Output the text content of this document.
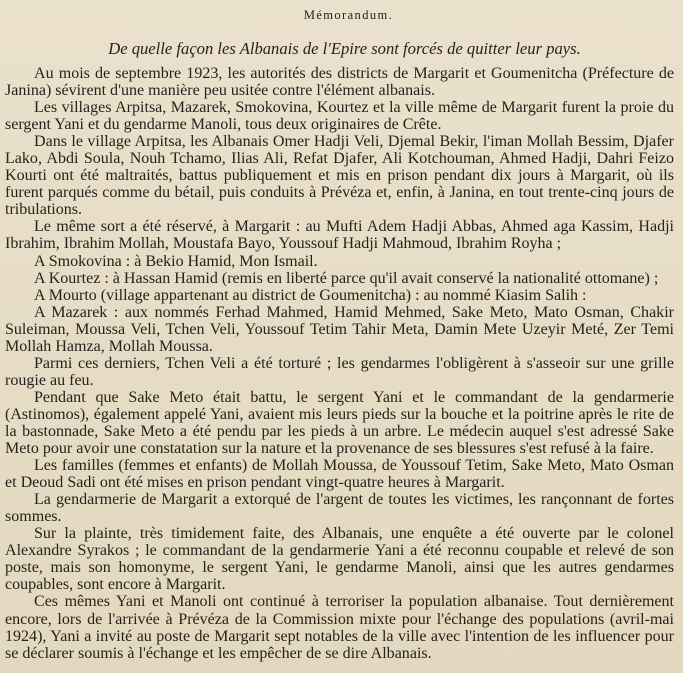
Mémorandum.
De quelle façon les Albanais de l'Epire sont forcés de quitter leur pays.

Au mois de septembre 1923, les autorités des districts de Margarit et Goumenitcha (Préfecture de Janina) sévirent d'une manière peu usitée contre l'élément albanais.

Les villages Arpitsa, Mazarek, Smokovina, Kourtez et la ville même de Margarit furent la proie du sergent Yani et du gendarme Manoli, tous deux originaires de Crête.

Dans le village Arpitsa, les Albanais Omer Hadji Veli, Djemal Bekir, l'iman Mollah Bessim, Djafer Lako, Abdi Soula, Nouh Tchamo, Ilias Ali, Refat Djafer, Ali Kotchouman, Ahmed Hadji, Dahri Feizo Kourti ont été maltraités, battus publiquement et mis en prison pendant dix jours à Margarit, où ils furent parqués comme du bétail, puis conduits à Prévéza et, enfin, à Janina, en tout trente-cinq jours de tribulations.

Le même sort a été réservé, à Margarit : au Mufti Adem Hadji Abbas, Ahmed aga Kassim, Hadji Ibrahim, Ibrahim Mollah, Moustafa Bayo, Youssouf Hadji Mahmoud, Ibrahim Royha ;

A Smokovina : à Bekio Hamid, Mon Ismail.

A Kourtez : à Hassan Hamid (remis en liberté parce qu'il avait conservé la nationalité ottomane) ;

A Mourto (village appartenant au district de Goumenitcha) : au nommé Kiasim Salih :

A Mazarek : aux nommés Ferhad Mahmed, Hamid Mehmed, Sake Meto, Mato Osman, Chakir Suleiman, Moussa Veli, Tchen Veli, Youssouf Tetim Tahir Meta, Damin Mete Uzeyir Meté, Zer Temi Mollah Hamza, Mollah Moussa.

Parmi ces derniers, Tchen Veli a été torturé ; les gendarmes l'obligèrent à s'asseoir sur une grille rougie au feu.

Pendant que Sake Meto était battu, le sergent Yani et le commandant de la gendarmerie (Astinomos), également appelé Yani, avaient mis leurs pieds sur la bouche et la poitrine après le rite de la bastonnade, Sake Meto a été pendu par les pieds à un arbre. Le médecin auquel s'est adressé Sake Meto pour avoir une constatation sur la nature et la provenance de ses blessures s'est refusé à la faire.

Les familles (femmes et enfants) de Mollah Moussa, de Youssouf Tetim, Sake Meto, Mato Osman et Deoud Sadi ont été mises en prison pendant vingt-quatre heures à Margarit.

La gendarmerie de Margarit a extorqué de l'argent de toutes les victimes, les rançonnant de fortes sommes.

Sur la plainte, très timidement faite, des Albanais, une enquête a été ouverte par le colonel Alexandre Syrakos ; le commandant de la gendarmerie Yani a été reconnu coupable et relevé de son poste, mais son homonyme, le sergent Yani, le gendarme Manoli, ainsi que les autres gendarmes coupables, sont encore à Margarit.

Ces mêmes Yani et Manoli ont continué à terroriser la population albanaise. Tout dernièrement encore, lors de l'arrivée à Prévéza de la Commission mixte pour l'échange des populations (avril-mai 1924), Yani a invité au poste de Margarit sept notables de la ville avec l'intention de les influencer pour se déclarer soumis à l'échange et les empêcher de se dire Albanais.
